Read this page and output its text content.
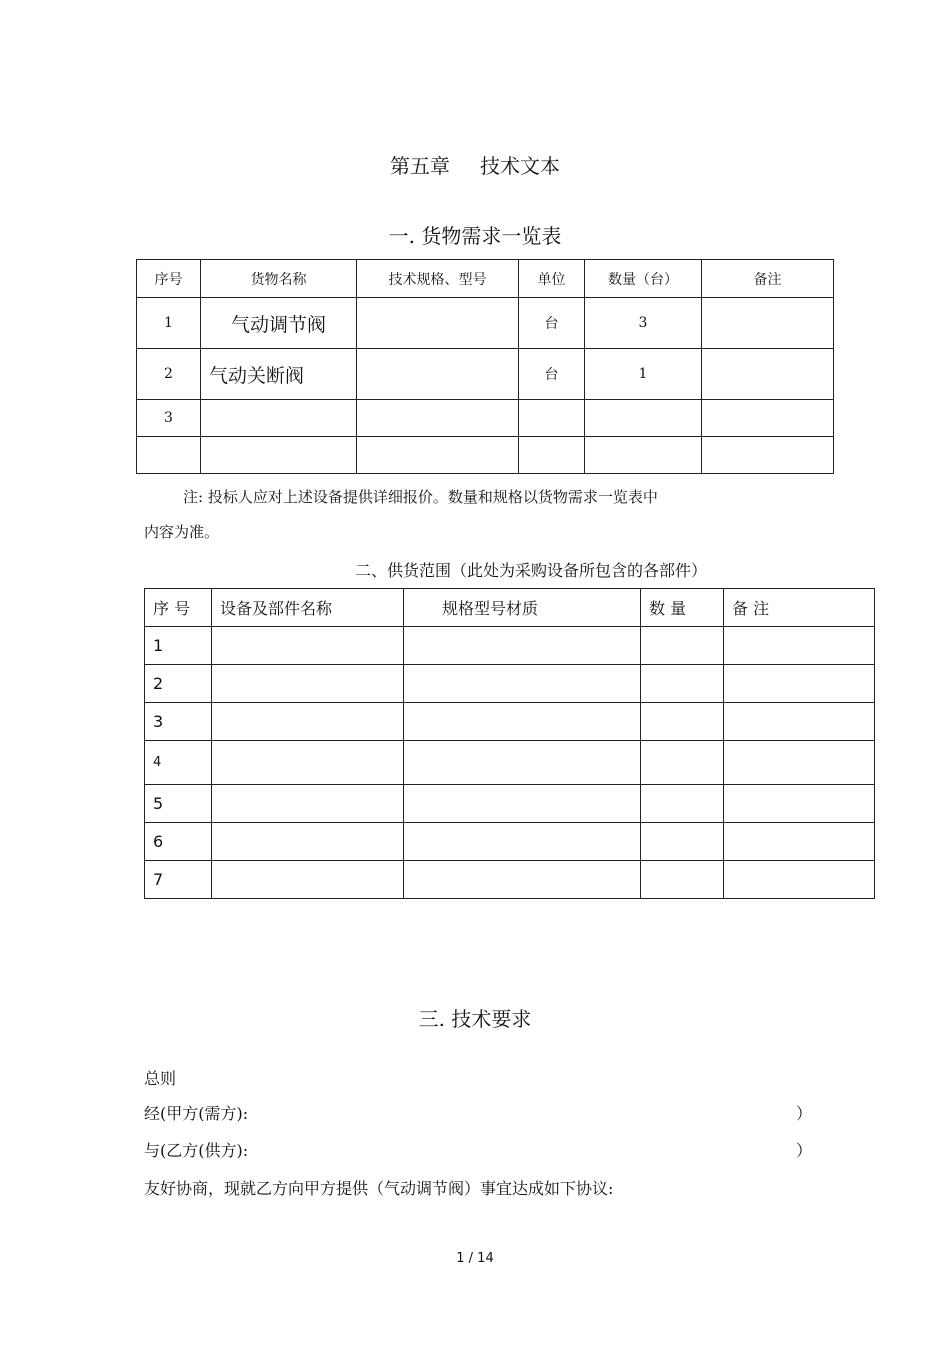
第五章 技术文本
一. 货物需求一览表
序号	货物名称	技术规格、型号	单位	数量（台）	备注
1	气动调节阀		台	3	
2	气动关断阀		台	1	
3					

注: 投标人应对上述设备提供详细报价。数量和规格以货物需求一览表中
内容为准。
二、供货范围（此处为采购设备所包含的各部件）
序 号	设备及部件名称	规格型号材质	数 量	备 注
1				
2				
3				
4				
5				
6				
7				
三. 技术要求
总则
经(甲方(需方):	）
与(乙方(供方):	）
友好协商，现就乙方向甲方提供（气动调节阀）事宜达成如下协议:
1 / 14
